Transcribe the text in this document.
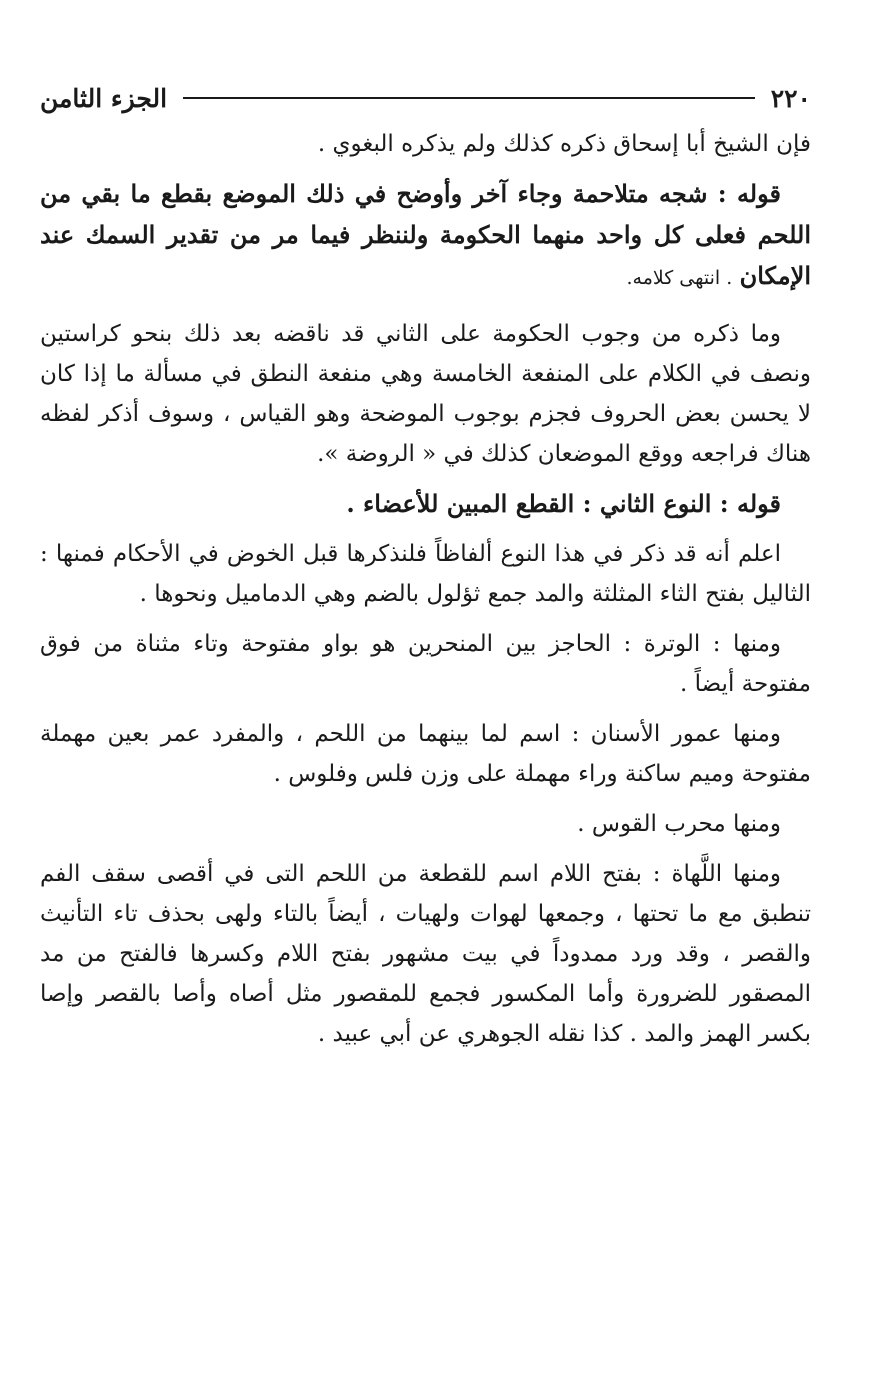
٢٢٠
الجزء الثامن

فإن الشيخ أبا إسحاق ذكره كذلك ولم يذكره البغوي .

قوله : شجه متلاحمة وجاء آخر وأوضح في ذلك الموضع بقطع ما بقي من اللحم فعلى كل واحد منهما الحكومة ولننظر فيما مر من تقدير السمك عند الإمكان . انتهى كلامه.

وما ذكره من وجوب الحكومة على الثاني قد ناقضه بعد ذلك بنحو كراستين ونصف في الكلام على المنفعة الخامسة وهي منفعة النطق في مسألة ما إذا كان لا يحسن بعض الحروف فجزم بوجوب الموضحة وهو القياس ، وسوف أذكر لفظه هناك فراجعه ووقع الموضعان كذلك في « الروضة ».

قوله : النوع الثاني : القطع المبين للأعضاء .

اعلم أنه قد ذكر في هذا النوع ألفاظاً فلنذكرها قبل الخوض في الأحكام فمنها : الثاليل بفتح الثاء المثلثة والمد جمع ثؤلول بالضم وهي الدماميل ونحوها .

ومنها : الوترة : الحاجز بين المنحرين هو بواو مفتوحة وتاء مثناة من فوق مفتوحة أيضاً .

ومنها عمور الأسنان : اسم لما بينهما من اللحم ، والمفرد عمر بعين مهملة مفتوحة وميم ساكنة وراء مهملة على وزن فلس وفلوس .

ومنها محرب القوس .

ومنها اللَّهاة : بفتح اللام اسم للقطعة من اللحم التى في أقصى سقف الفم تنطبق مع ما تحتها ، وجمعها لهوات ولهيات ، أيضاً بالتاء ولهى بحذف تاء التأنيث والقصر ، وقد ورد ممدوداً في بيت مشهور بفتح اللام وكسرها فالفتح من مد المصقور للضرورة وأما المكسور فجمع للمقصور مثل أصاه وأصا بالقصر وإصا بكسر الهمز والمد . كذا نقله الجوهري عن أبي عبيد .
